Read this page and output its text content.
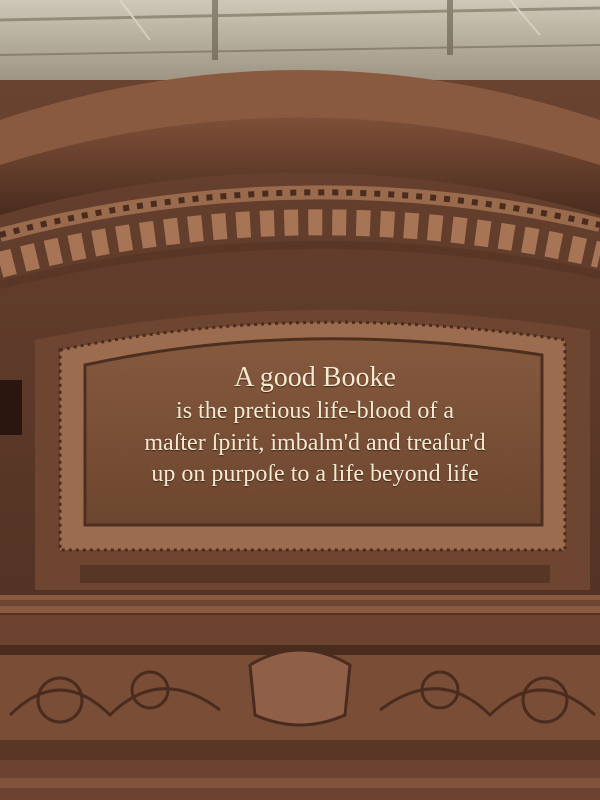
A good Booke
is the pretious life-blood of a
maſter ſpirit, imbalm'd and treaſur'd
up on purpoſe to a life beyond life
